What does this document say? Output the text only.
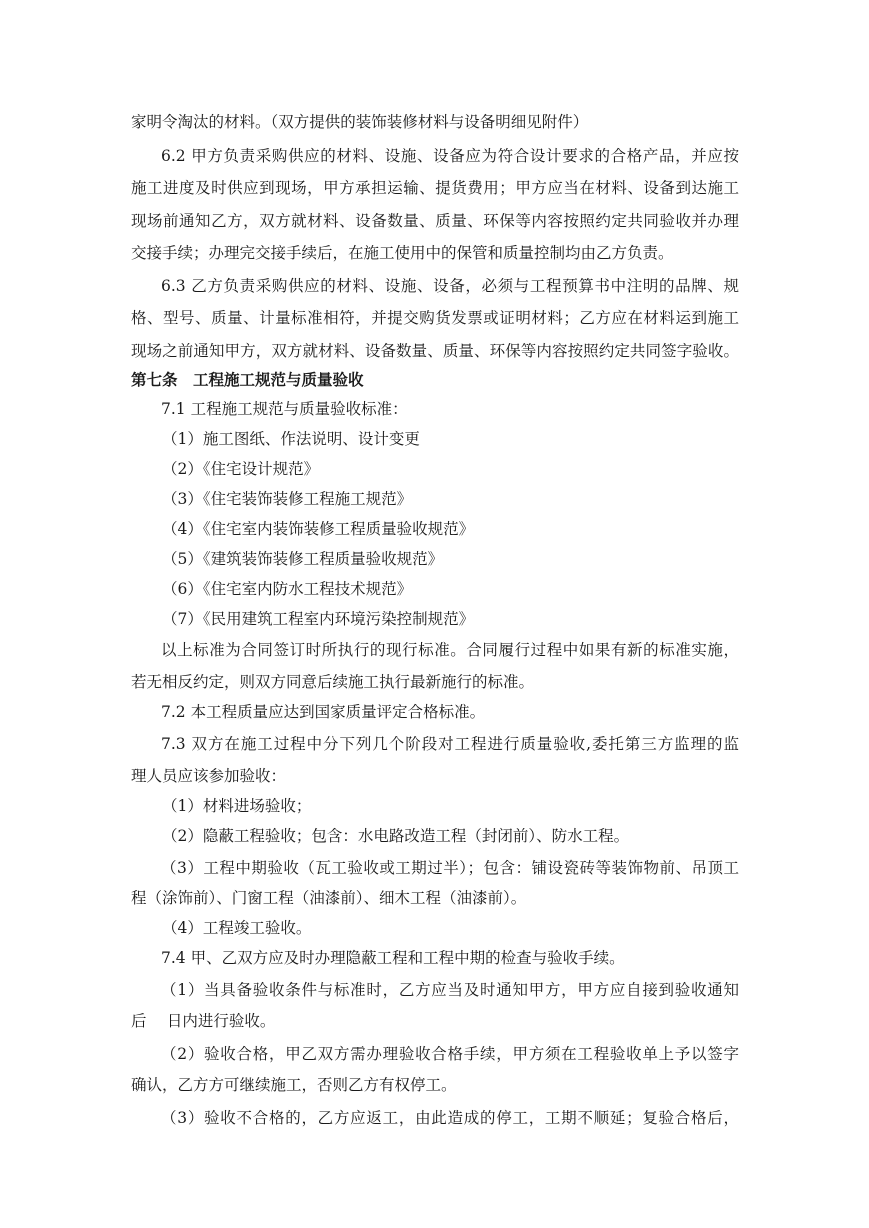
家明令淘汰的材料。（双方提供的装饰装修材料与设备明细见附件）
6.2 甲方负责采购供应的材料、设施、设备应为符合设计要求的合格产品，并应按
施工进度及时供应到现场，甲方承担运输、提货费用；甲方应当在材料、设备到达施工
现场前通知乙方，双方就材料、设备数量、质量、环保等内容按照约定共同验收并办理
交接手续；办理完交接手续后，在施工使用中的保管和质量控制均由乙方负责。
6.3 乙方负责采购供应的材料、设施、设备，必须与工程预算书中注明的品牌、规
格、型号、质量、计量标准相符，并提交购货发票或证明材料；乙方应在材料运到施工
现场之前通知甲方，双方就材料、设备数量、质量、环保等内容按照约定共同签字验收。
第七条　工程施工规范与质量验收
7.1 工程施工规范与质量验收标准：
（1）施工图纸、作法说明、设计变更
（2）《住宅设计规范》
（3）《住宅装饰装修工程施工规范》
（4）《住宅室内装饰装修工程质量验收规范》
（5）《建筑装饰装修工程质量验收规范》
（6）《住宅室内防水工程技术规范》
（7）《民用建筑工程室内环境污染控制规范》
以上标准为合同签订时所执行的现行标准。合同履行过程中如果有新的标准实施，
若无相反约定，则双方同意后续施工执行最新施行的标准。
7.2 本工程质量应达到国家质量评定合格标准。
7.3 双方在施工过程中分下列几个阶段对工程进行质量验收,委托第三方监理的监
理人员应该参加验收：
（1）材料进场验收；
（2）隐蔽工程验收；包含：水电路改造工程（封闭前）、防水工程。
（3）工程中期验收（瓦工验收或工期过半）；包含：铺设瓷砖等装饰物前、吊顶工
程（涂饰前）、门窗工程（油漆前）、细木工程（油漆前）。
（4）工程竣工验收。
7.4 甲、乙双方应及时办理隐蔽工程和工程中期的检查与验收手续。
（1）当具备验收条件与标准时，乙方应当及时通知甲方，甲方应自接到验收通知
后　 日内进行验收。
（2）验收合格，甲乙双方需办理验收合格手续，甲方须在工程验收单上予以签字
确认，乙方方可继续施工，否则乙方有权停工。
（3）验收不合格的，乙方应返工，由此造成的停工，工期不顺延；复验合格后，
